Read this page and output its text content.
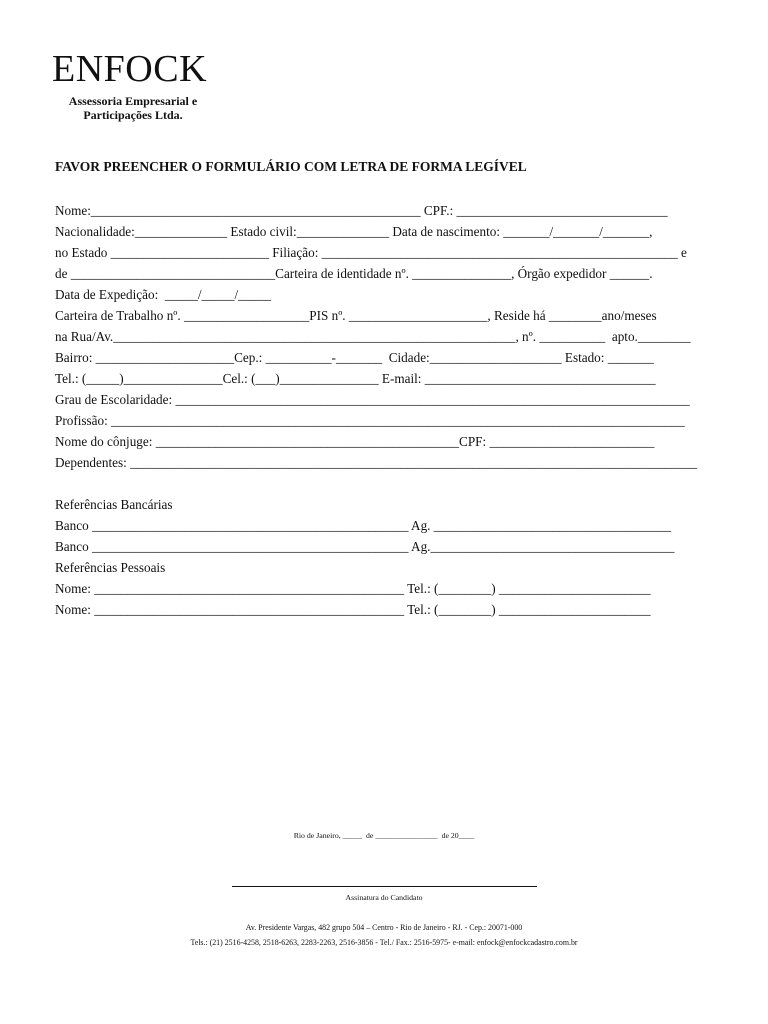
ENFOCK
Assessoria Empresarial e
Participações Ltda.
FAVOR PREENCHER O FORMULÁRIO COM LETRA DE FORMA LEGÍVEL
Nome:__________________________________________________ CPF.: ________________________________
Nacionalidade:______________ Estado civil:______________ Data de nascimento: _______/_______/_______,
no Estado ________________________ Filiação: ______________________________________________________ e
de _______________________________Carteira de identidade nº. _______________, Órgão expedidor ______.
Data de Expedição:  _____/_____/_____
Carteira de Trabalho nº. ___________________PIS nº. _____________________, Reside há ________ano/meses
na Rua/Av._____________________________________________________________, nº. __________  apto.________
Bairro: _____________________Cep.: __________-_______  Cidade:____________________ Estado: _______
Tel.: (_____)_______________Cel.: (___)_______________ E-mail: ___________________________________
Grau de Escolaridade: ______________________________________________________________________________
Profissão: _______________________________________________________________________________________
Nome do cônjuge: ______________________________________________CPF: _________________________
Dependentes: ______________________________________________________________________________________
Referências Bancárias
Banco ________________________________________________ Ag. ____________________________________
Banco ________________________________________________ Ag._____________________________________
Referências Pessoais
Nome: _______________________________________________ Tel.: (________) _______________________
Nome: _______________________________________________ Tel.: (________) _______________________
Rio de Janeiro, _____  de ________________  de 20____
Assinatura do Candidato
Av. Presidente Vargas, 482 grupo 504 – Centro - Rio de Janeiro - RJ. - Cep.: 20071-000
Tels.: (21) 2516-4258, 2518-6263, 2283-2263, 2516-3856 - Tel./ Fax.: 2516-5975- e-mail: enfock@enfockcadastro.com.br
